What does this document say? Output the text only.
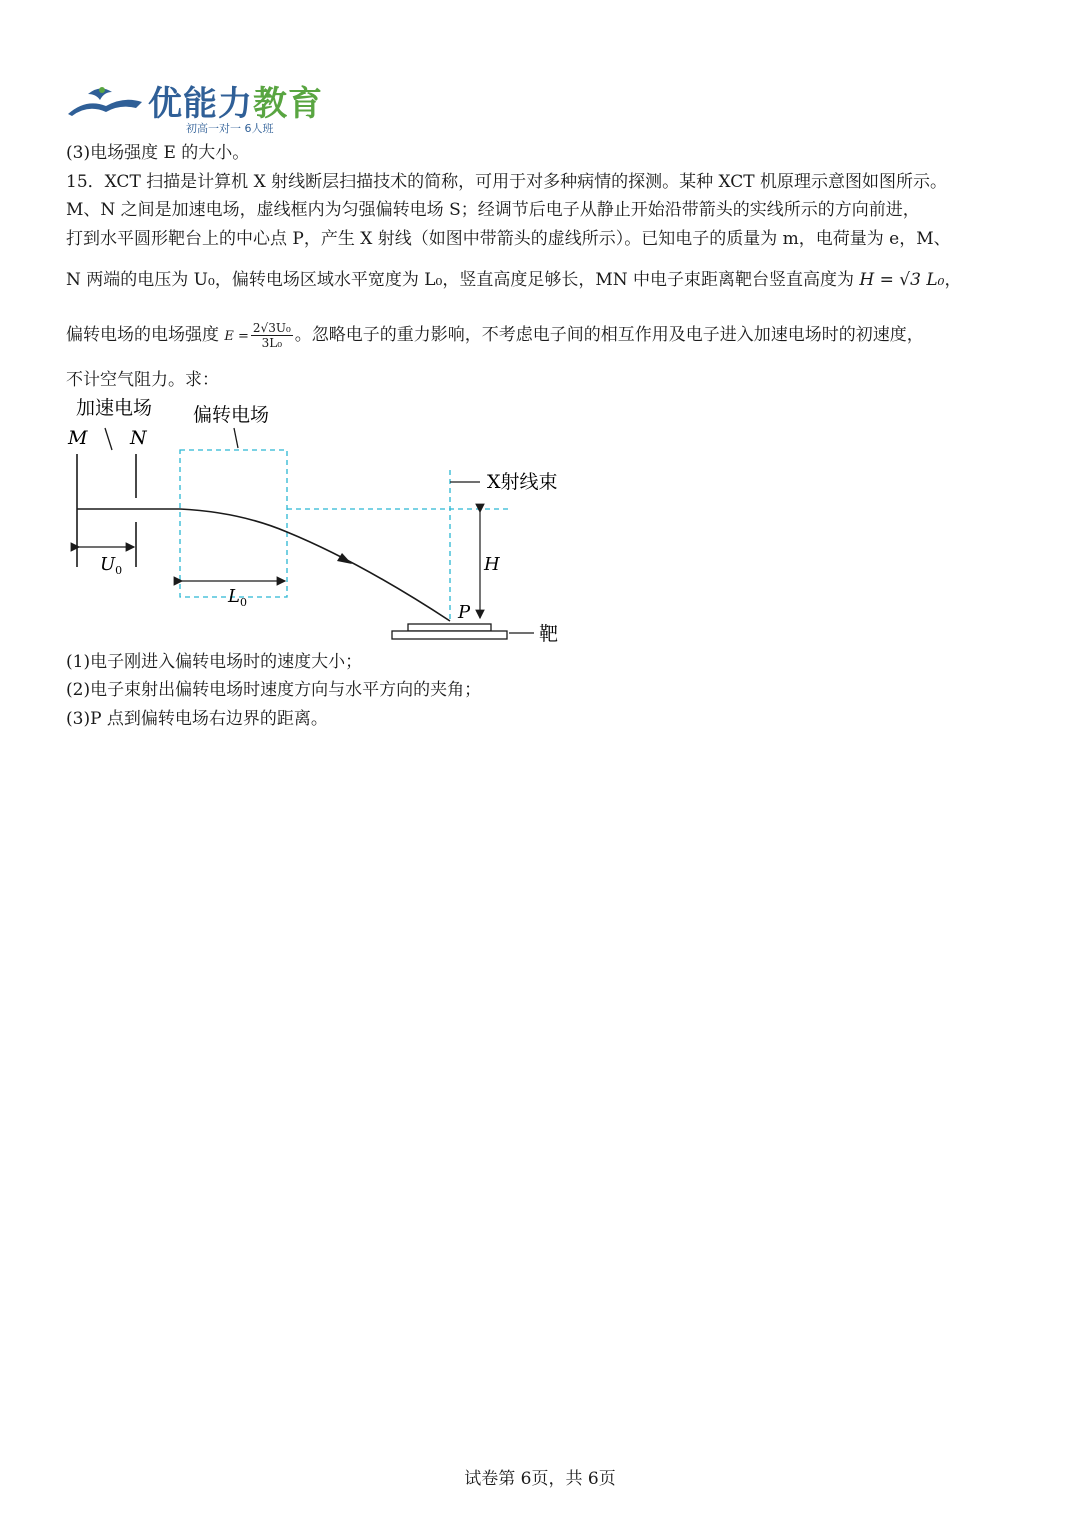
优能力教育
初高一对一 6人班
(3)电场强度 E 的大小。
15．XCT 扫描是计算机 X 射线断层扫描技术的简称，可用于对多种病情的探测。某种 XCT 机原理示意图如图所示。
M、N 之间是加速电场，虚线框内为匀强偏转电场 S；经调节后电子从静止开始沿带箭头的实线所示的方向前进，
打到水平圆形靶台上的中心点 P，产生 X 射线（如图中带箭头的虚线所示）。已知电子的质量为 m，电荷量为 e，M、
N 两端的电压为 U₀，偏转电场区域水平宽度为 L₀，竖直高度足够长，MN 中电子束距离靶台竖直高度为 H = √3 L₀，
偏转电场的电场强度 $E = \frac{\text{2√3U₀}}{\text{3L₀}}$ 。忽略电子的重力影响，不考虑电子间的相互作用及电子进入加速电场时的初速度，
不计空气阻力。求：
加速电场 偏转电场
M N
$U_0$
$L_0$
X射线束
H
P
靶
(1)电子刚进入偏转电场时的速度大小；
(2)电子束射出偏转电场时速度方向与水平方向的夹角；
(3)P 点到偏转电场右边界的距离。
试卷第 6页，共 6页
